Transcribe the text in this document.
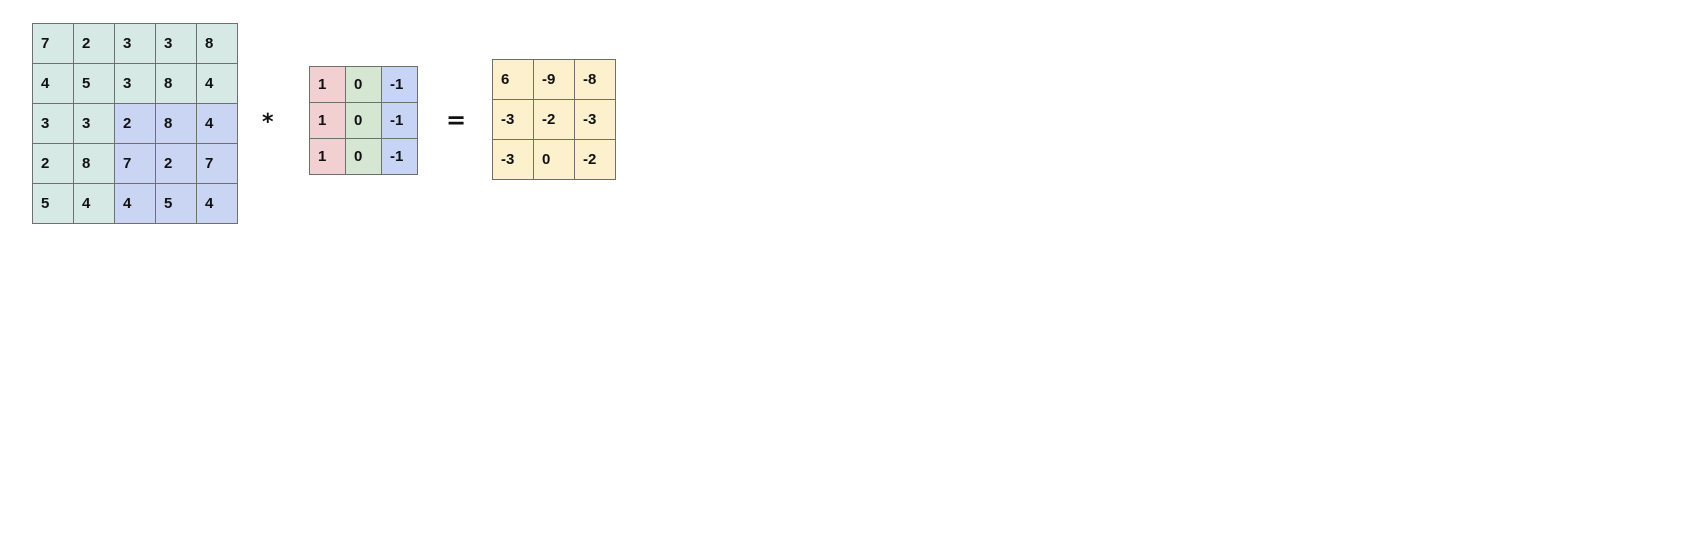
7	2	3	3	8
4	5	3	8	4
3	3	2	8	4
2	8	7	2	7
5	4	4	5	4
*
1	0	-1
1	0	-1
1	0	-1
=
6	-9	-8
-3	-2	-3
-3	0	-2
